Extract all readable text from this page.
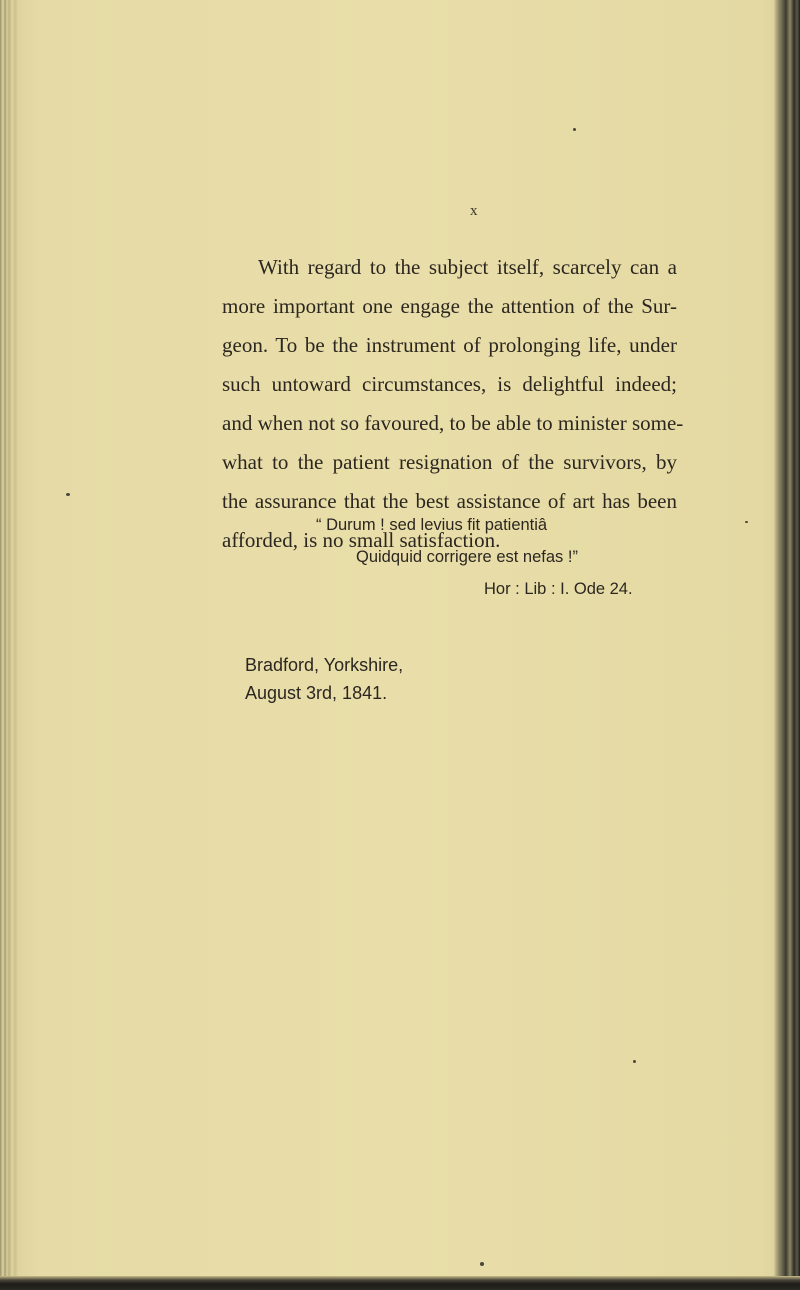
x
With regard to the subject itself, scarcely can a
more important one engage the attention of the Sur-
geon. To be the instrument of prolonging life, under
such untoward circumstances, is delightful indeed;
and when not so favoured, to be able to minister some-
what to the patient resignation of the survivors, by
the assurance that the best assistance of art has been
afforded, is no small satisfaction.
“ Durum ! sed levius fit patientiâ
Quidquid corrigere est nefas !”
Hor : Lib : I. Ode 24.
Bradford, Yorkshire,
August 3rd, 1841.
